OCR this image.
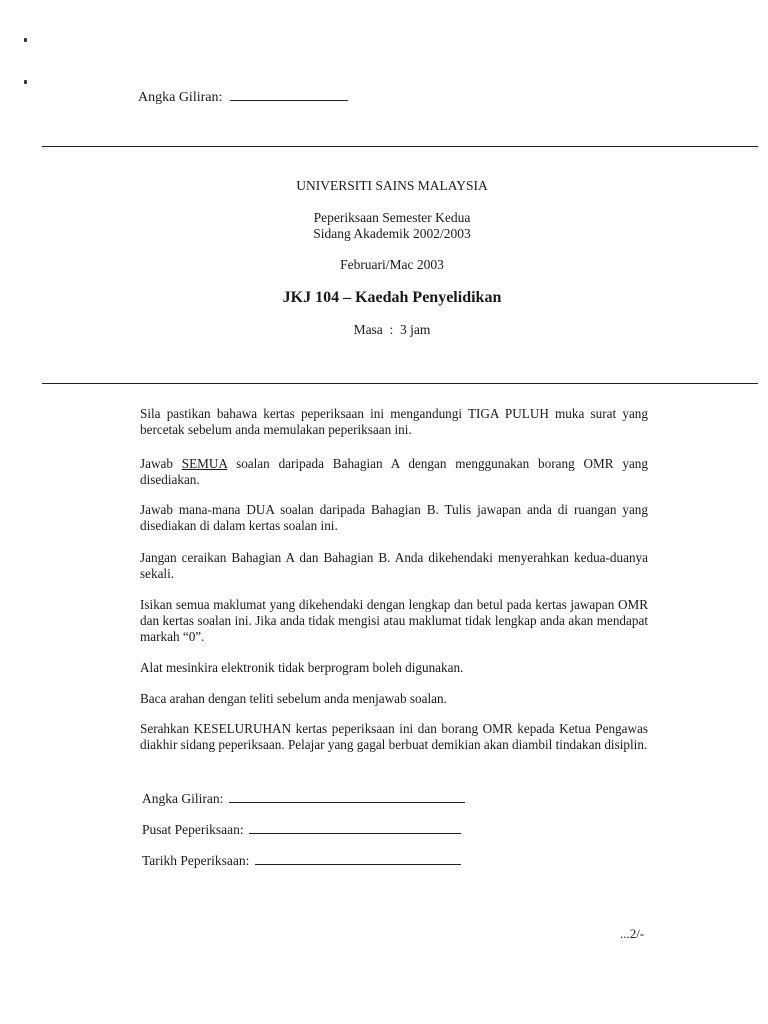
Angka Giliran:
UNIVERSITI SAINS MALAYSIA
Peperiksaan Semester Kedua
Sidang Akademik 2002/2003
Februari/Mac 2003
JKJ 104 – Kaedah Penyelidikan
Masa  :  3 jam
Sila pastikan bahawa kertas peperiksaan ini mengandungi TIGA PULUH muka surat yang bercetak sebelum anda memulakan peperiksaan ini.
Jawab SEMUA soalan daripada Bahagian A dengan menggunakan borang OMR yang disediakan.
Jawab mana-mana DUA soalan daripada Bahagian B. Tulis jawapan anda di ruangan yang disediakan di dalam kertas soalan ini.
Jangan ceraikan Bahagian A dan Bahagian B. Anda dikehendaki menyerahkan kedua-duanya sekali.
Isikan semua maklumat yang dikehendaki dengan lengkap dan betul pada kertas jawapan OMR dan kertas soalan ini. Jika anda tidak mengisi atau maklumat tidak lengkap anda akan mendapat markah “0”.
Alat mesinkira elektronik tidak berprogram boleh digunakan.
Baca arahan dengan teliti sebelum anda menjawab soalan.
Serahkan KESELURUHAN kertas peperiksaan ini dan borang OMR kepada Ketua Pengawas diakhir sidang peperiksaan. Pelajar yang gagal berbuat demikian akan diambil tindakan disiplin.
Angka Giliran:
Pusat Peperiksaan:
Tarikh Peperiksaan:
...2/-
